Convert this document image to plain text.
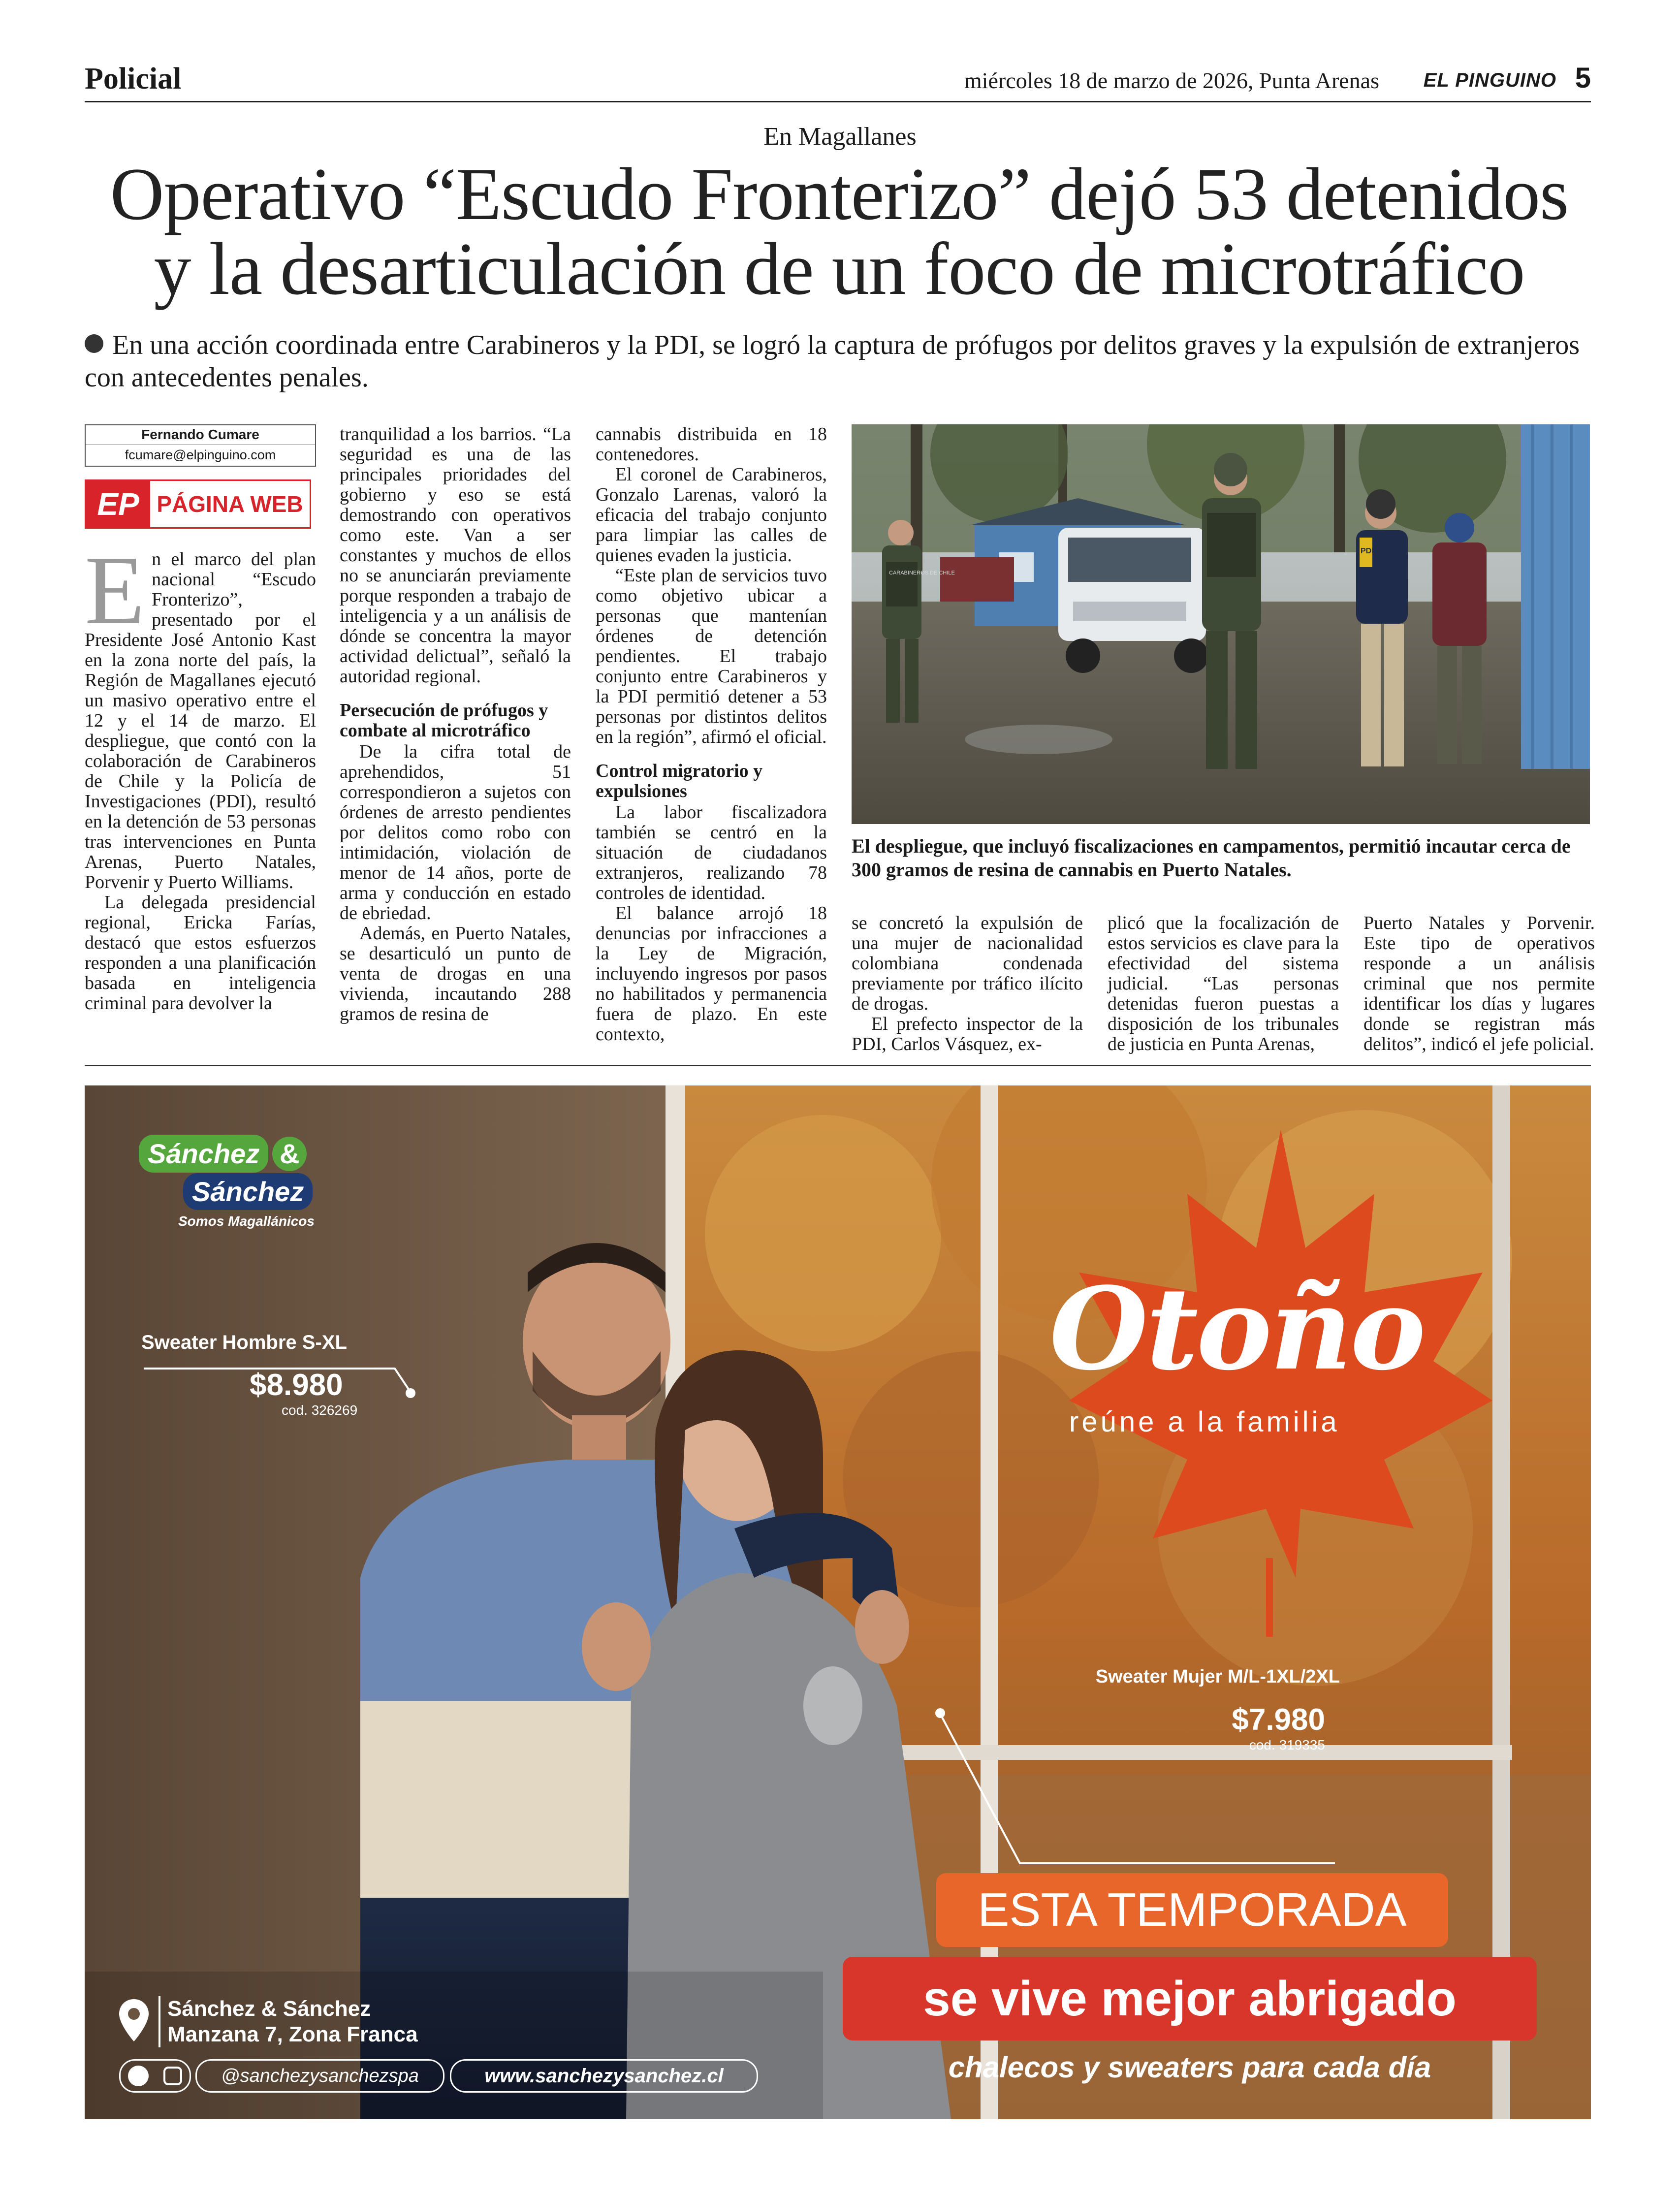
Policial	miércoles 18 de marzo de 2026, Punta Arenas EL PINGUINO 5
En Magallanes
Operativo “Escudo Fronterizo” dejó 53 detenidos
y la desarticulación de un foco de microtráfico
En una acción coordinada entre Carabineros y la PDI, se logró la captura de prófugos por delitos graves y la expulsión de extranjeros con antecedentes penales.
Fernando Cumare
fcumare@elpinguino.com
EP PÁGINA WEB

En el marco del plan nacional “Escudo Fronterizo”, presentado por el Presidente José Antonio Kast en la zona norte del país, la Región de Magallanes ejecutó un masivo operativo entre el 12 y el 14 de marzo. El despliegue, que contó con la colaboración de Carabineros de Chile y la Policía de Investigaciones (PDI), resultó en la detención de 53 personas tras intervenciones en Punta Arenas, Puerto Natales, Porvenir y Puerto Williams.

La delegada presidencial regional, Ericka Farías, destacó que estos esfuerzos responden a una planificación basada en inteligencia criminal para devolver la

tranquilidad a los barrios. “La seguridad es una de las principales prioridades del gobierno y eso se está demostrando con operativos como este. Van a ser constantes y muchos de ellos no se anunciarán previamente porque responden a trabajo de inteligencia y a un análisis de dónde se concentra la mayor actividad delictual”, señaló la autoridad regional.

Persecución de prófugos y combate al microtráfico

De la cifra total de aprehendidos, 51 correspondieron a sujetos con órdenes de arresto pendientes por delitos como robo con intimidación, violación de menor de 14 años, porte de arma y conducción en estado de ebriedad.

Además, en Puerto Natales, se desarticuló un punto de venta de drogas en una vivienda, incautando 288 gramos de resina de

cannabis distribuida en 18 contenedores.

El coronel de Carabineros, Gonzalo Larenas, valoró la eficacia del trabajo conjunto para limpiar las calles de quienes evaden la justicia.

“Este plan de servicios tuvo como objetivo ubicar a personas que mantenían órdenes de detención pendientes. El trabajo conjunto entre Carabineros y la PDI permitió detener a 53 personas por distintos delitos en la región”, afirmó el oficial.

Control migratorio y expulsiones

La labor fiscalizadora también se centró en la situación de ciudadanos extranjeros, realizando 78 controles de identidad.

El balance arrojó 18 denuncias por infracciones a la Ley de Migración, incluyendo ingresos por pasos no habilitados y permanencia fuera de plazo. En este contexto,

CARABINEROS DE CHILE
PDI
El despliegue, que incluyó fiscalizaciones en campamentos, permitió incautar cerca de 300 gramos de resina de cannabis en Puerto Natales.

se concretó la expulsión de una mujer de nacionalidad colombiana condenada previamente por tráfico ilícito de drogas.

El prefecto inspector de la PDI, Carlos Vásquez, ex-

plicó que la focalización de estos servicios es clave para la efectividad del sistema judicial. “Las personas detenidas fueron puestas a disposición de los tribunales de justicia en Punta Arenas,

Puerto Natales y Porvenir. Este tipo de operativos responde a un análisis criminal que nos permite identificar los días y lugares donde se registran más delitos”, indicó el jefe policial.

Sánchez &
Sánchez
Somos Magallánicos
Sweater Hombre S-XL
$8.980
cod. 326269
Otoño
reúne a la familia
Sweater Mujer M/L-1XL/2XL
$7.980
cod. 319335
ESTA TEMPORADA
se vive mejor abrigado
chalecos y sweaters para cada día
Sánchez & Sánchez
Manzana 7, Zona Franca
@sanchezysanchezspa	www.sanchezysanchez.cl
